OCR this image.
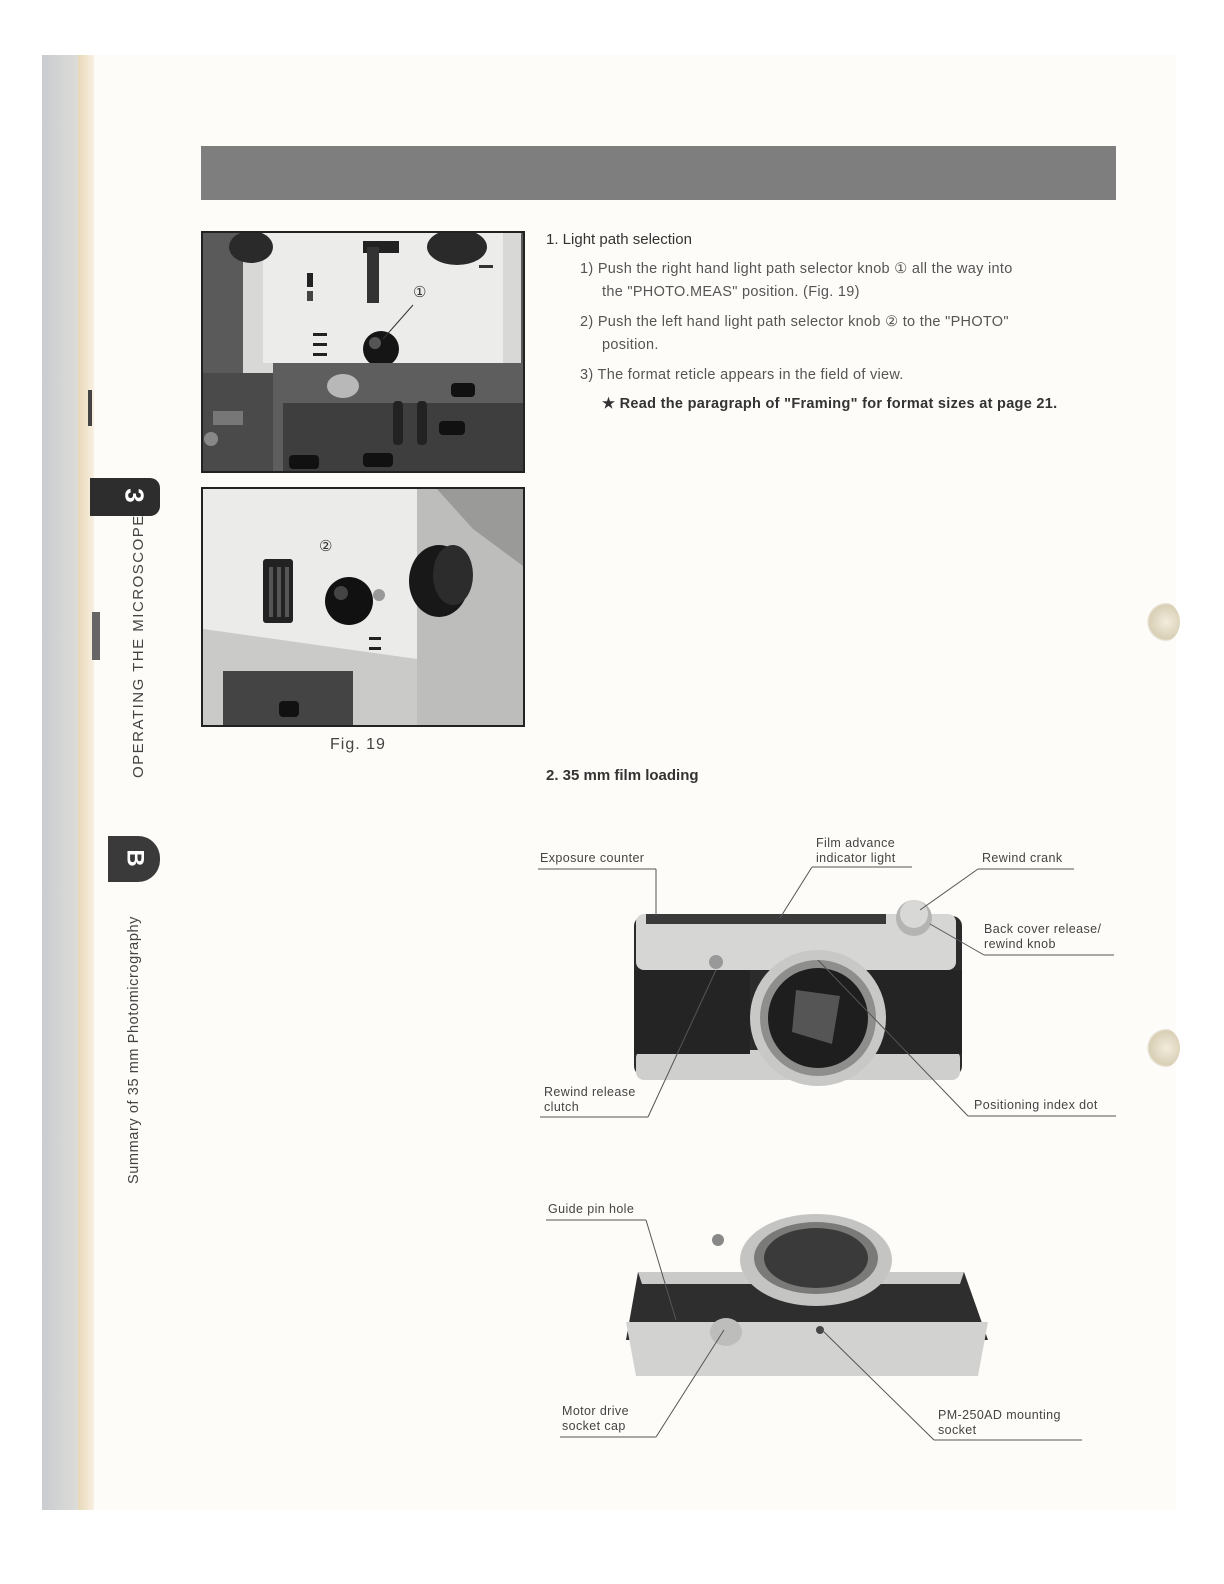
3
OPERATING THE MICROSCOPE
B
Summary of 35 mm Photomicrography
①
②
Fig. 19
1. Light path selection
1) Push the right hand light path selector knob ① all the way into
the "PHOTO.MEAS" position. (Fig. 19)
2) Push the left hand light path selector knob ② to the "PHOTO"
position.
3) The format reticle appears in the field of view.
★ Read the paragraph of "Framing" for format sizes at page 21.
2. 35 mm film loading
Exposure counter
Film advance
indicator light	Rewind crank
Back cover release/
rewind knob
Rewind release
clutch	Positioning index dot
Guide pin hole
Motor drive
socket cap
PM-250AD mounting
socket
